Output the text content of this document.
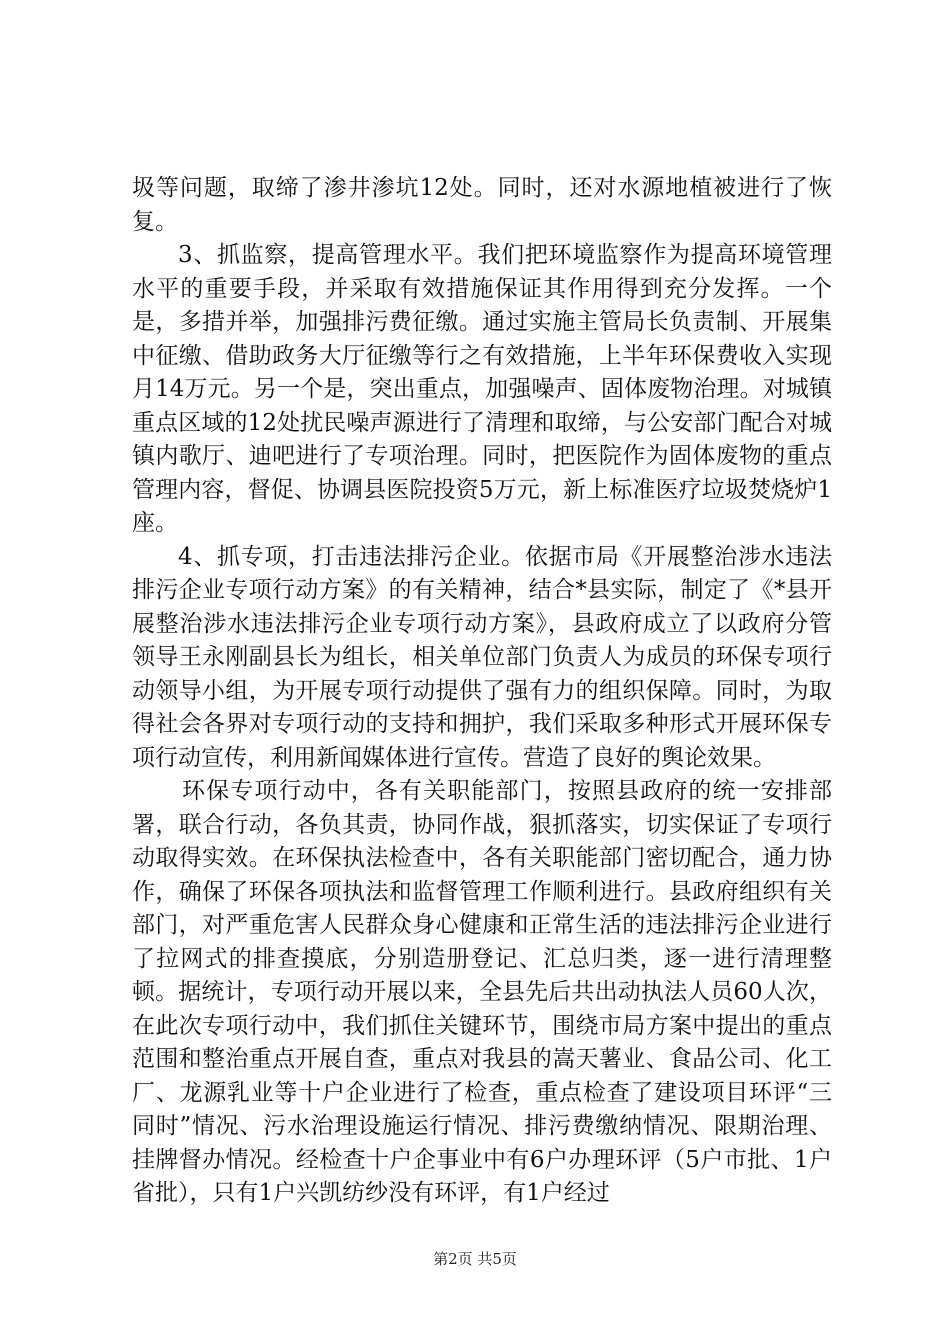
圾等问题，取缔了渗井渗坑12处。同时，还对水源地植被进行了恢复。

3、抓监察，提高管理水平。我们把环境监察作为提高环境管理水平的重要手段，并采取有效措施保证其作用得到充分发挥。一个是，多措并举，加强排污费征缴。通过实施主管局长负责制、开展集中征缴、借助政务大厅征缴等行之有效措施，上半年环保费收入实现月14万元。另一个是，突出重点，加强噪声、固体废物治理。对城镇重点区域的12处扰民噪声源进行了清理和取缔，与公安部门配合对城镇内歌厅、迪吧进行了专项治理。同时，把医院作为固体废物的重点管理内容，督促、协调县医院投资5万元，新上标准医疗垃圾焚烧炉1座。

4、抓专项，打击违法排污企业。依据市局《开展整治涉水违法排污企业专项行动方案》的有关精神，结合*县实际，制定了《*县开展整治涉水违法排污企业专项行动方案》，县政府成立了以政府分管领导王永刚副县长为组长，相关单位部门负责人为成员的环保专项行动领导小组，为开展专项行动提供了强有力的组织保障。同时，为取得社会各界对专项行动的支持和拥护，我们采取多种形式开展环保专项行动宣传，利用新闻媒体进行宣传。营造了良好的舆论效果。

环保专项行动中，各有关职能部门，按照县政府的统一安排部署，联合行动，各负其责，协同作战，狠抓落实，切实保证了专项行动取得实效。在环保执法检查中，各有关职能部门密切配合，通力协作，确保了环保各项执法和监督管理工作顺利进行。县政府组织有关部门，对严重危害人民群众身心健康和正常生活的违法排污企业进行了拉网式的排查摸底，分别造册登记、汇总归类，逐一进行清理整顿。据统计，专项行动开展以来，全县先后共出动执法人员60人次，在此次专项行动中，我们抓住关键环节，围绕市局方案中提出的重点范围和整治重点开展自查，重点对我县的嵩天薯业、食品公司、化工厂、龙源乳业等十户企业进行了检查，重点检查了建设项目环评“三同时”情况、污水治理设施运行情况、排污费缴纳情况、限期治理、挂牌督办情况。经检查十户企事业中有6户办理环评（5户市批、1户省批），只有1户兴凯纺纱没有环评，有1户经过

第2页 共5页
